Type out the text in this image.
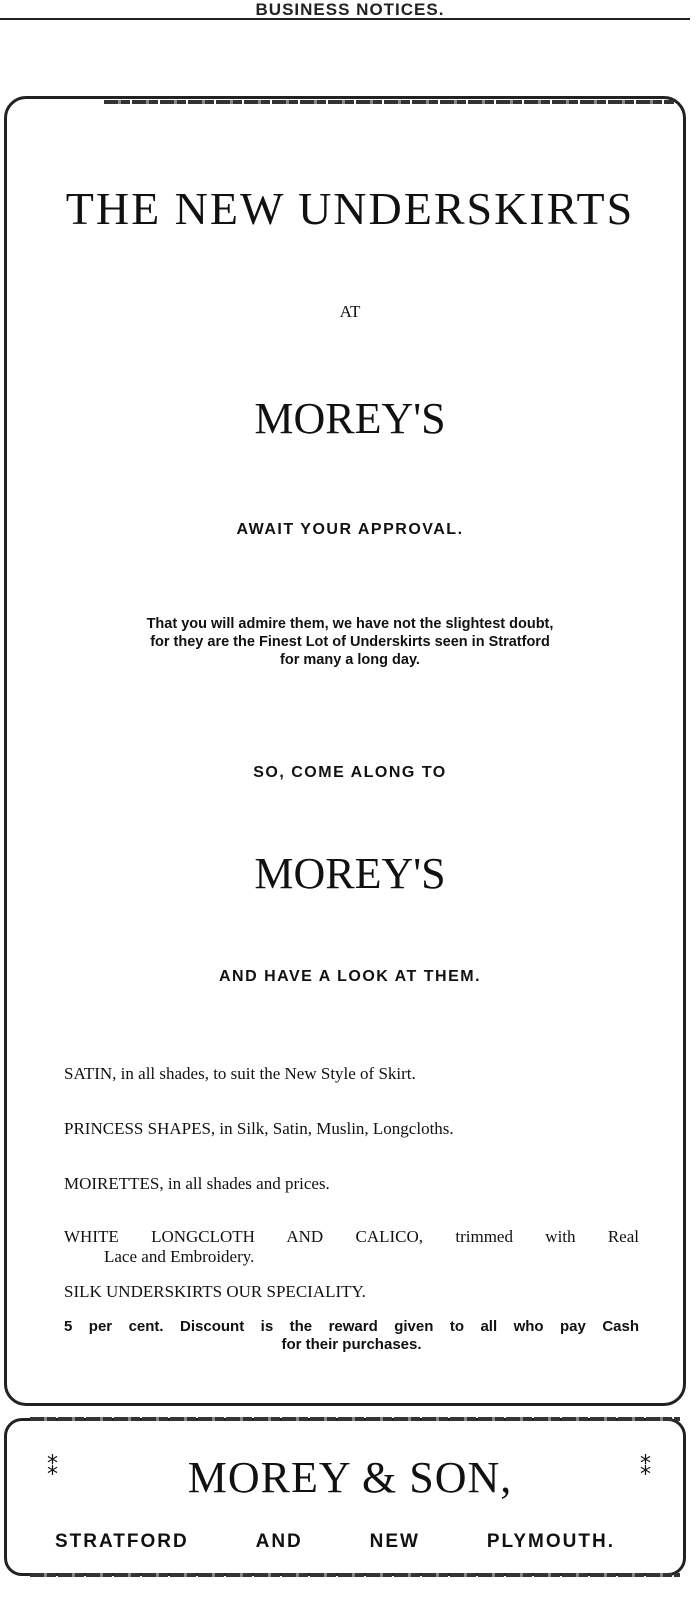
BUSINESS NOTICES.
THE NEW UNDERSKIRTS
AT
MOREY'S
AWAIT YOUR APPROVAL.
That you will admire them, we have not the slightest doubt,
for they are the Finest Lot of Underskirts seen in Stratford
for many a long day.
SO, COME ALONG TO
MOREY'S
AND HAVE A LOOK AT THEM.
SATIN, in all shades, to suit the New Style of Skirt.
PRINCESS SHAPES, in Silk, Satin, Muslin, Longcloths.
MOIRETTES, in all shades and prices.
WHITE LONGCLOTH AND CALICO, trimmed with Real
Lace and Embroidery.
SILK UNDERSKIRTS OUR SPECIALITY.
5 per cent. Discount is the reward given to all who pay Cash
for their purchases.
⁑	MOREY & SON,	⁑
STRATFORD	AND	NEW	PLYMOUTH.
